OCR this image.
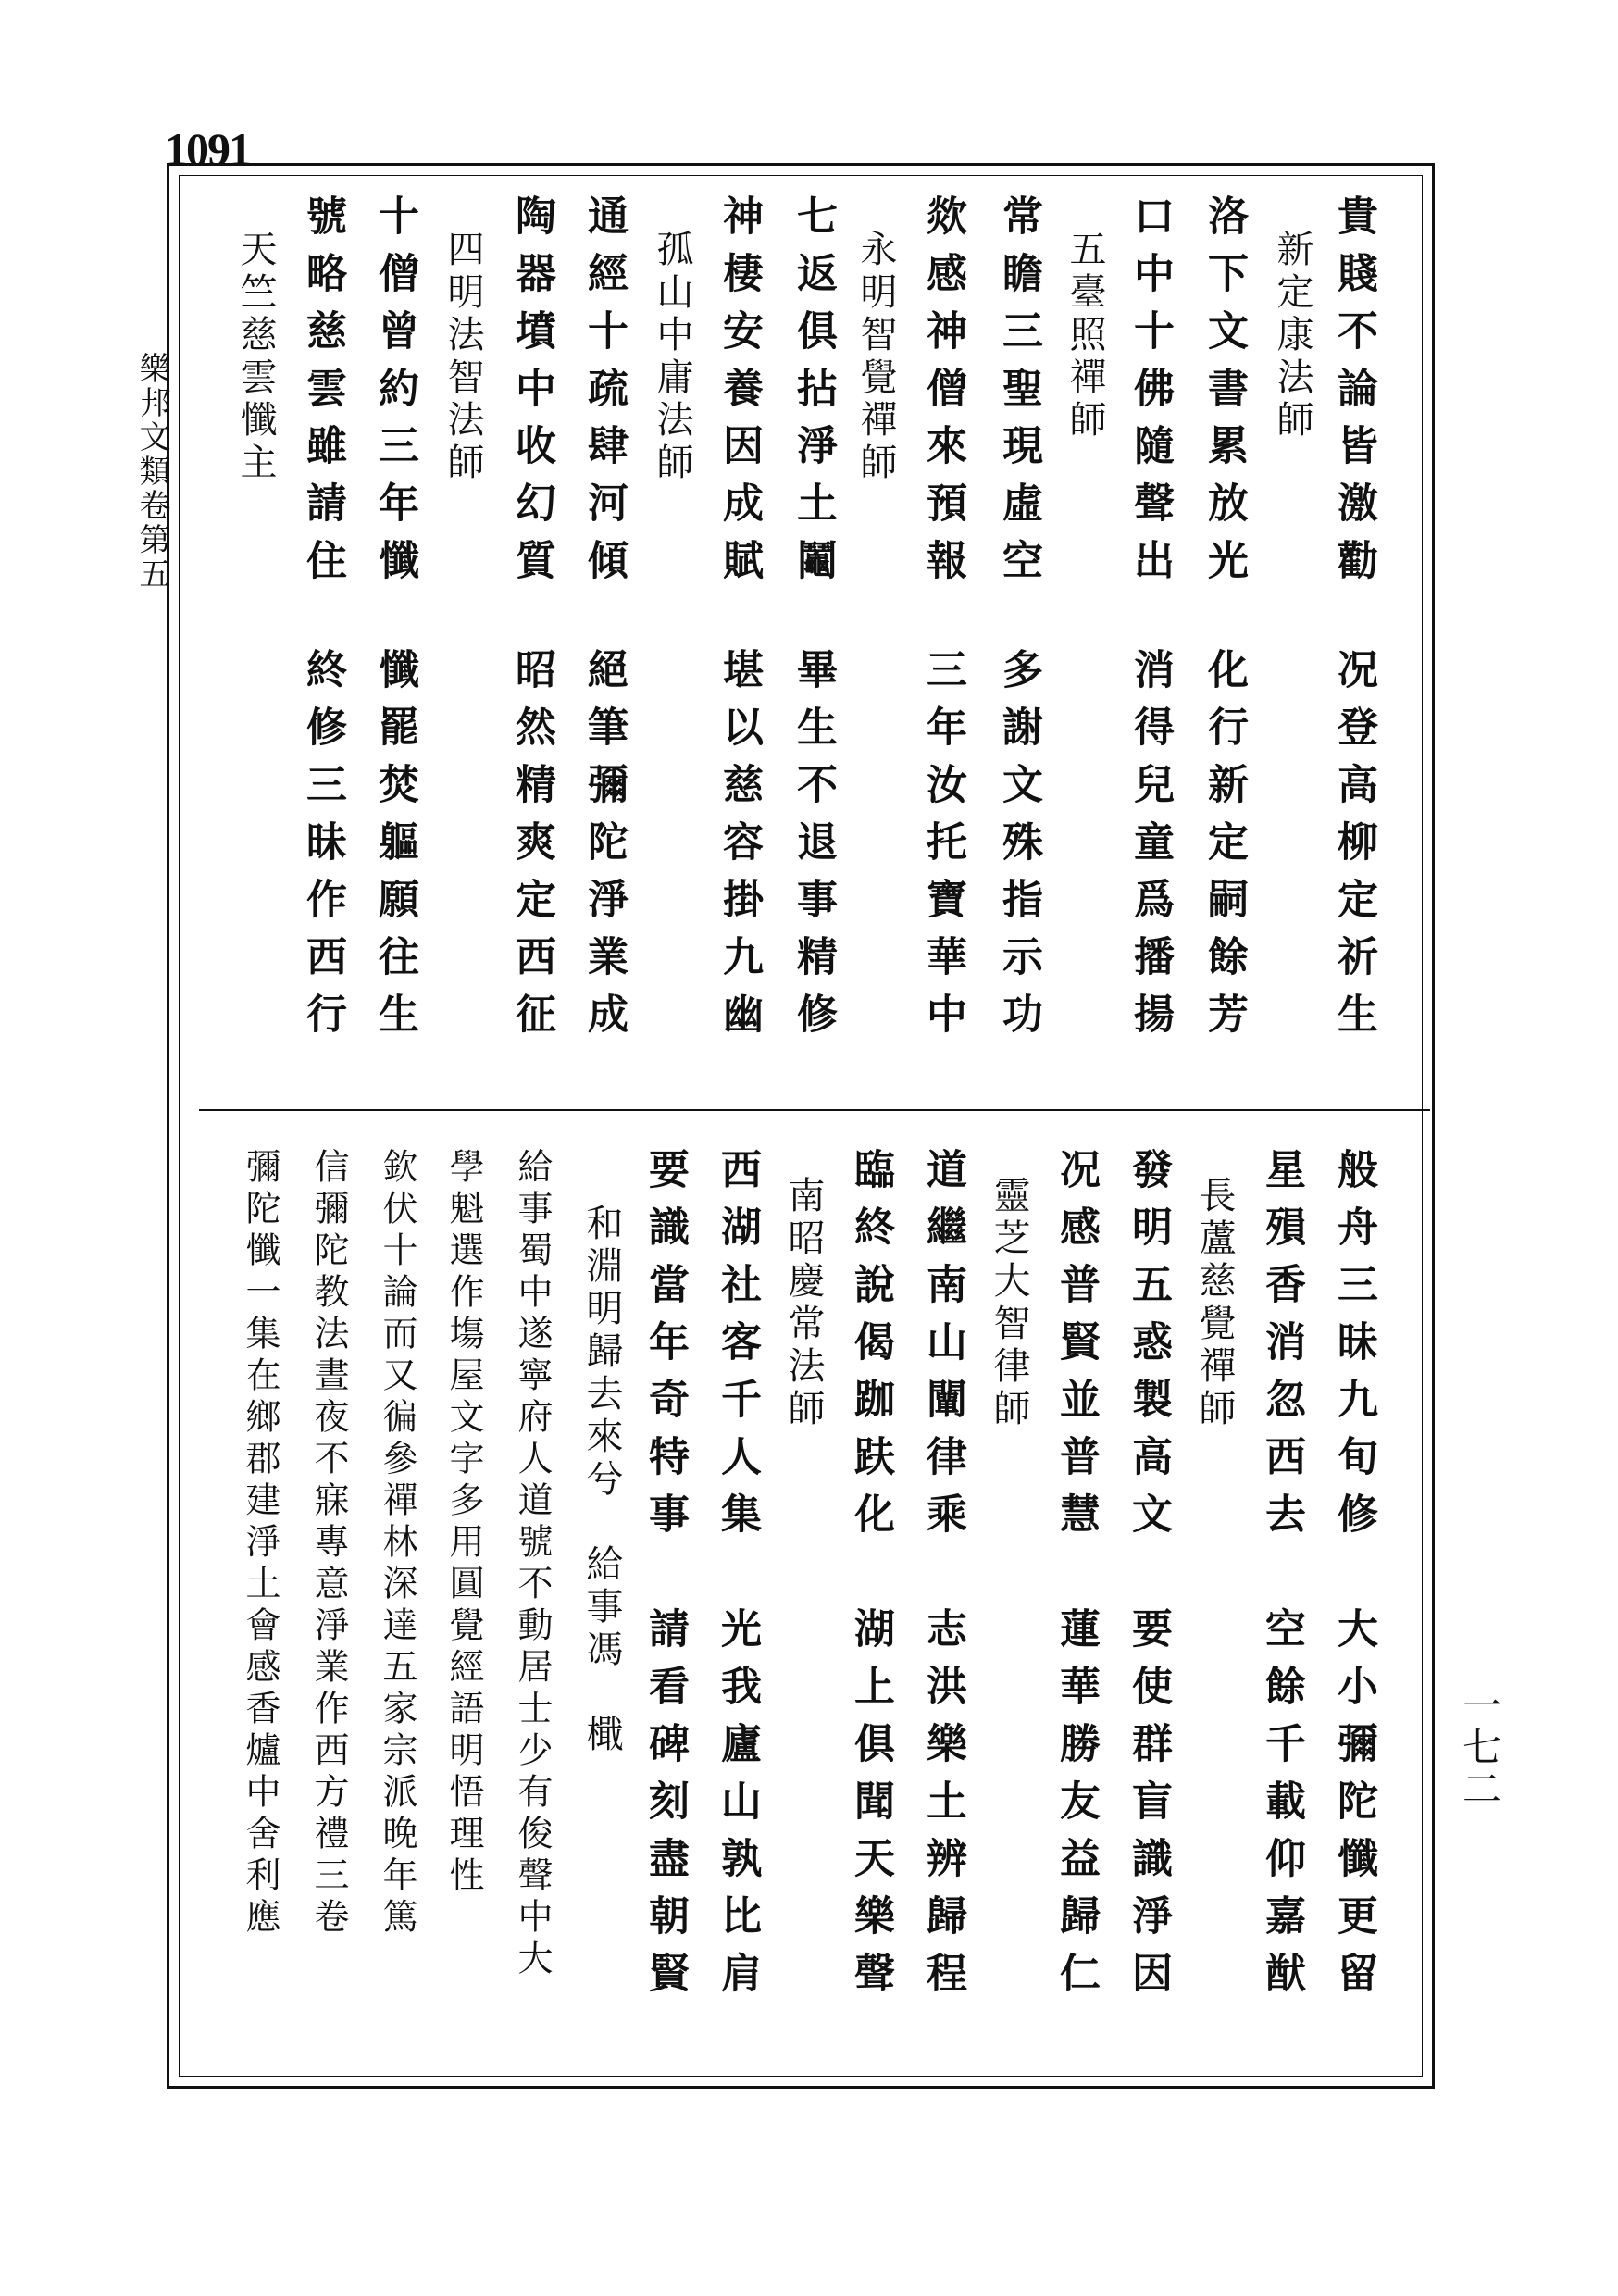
1091
樂邦文類卷第五
一七二
貴賤不論皆激勸
新定康法師
洛下文書累放光
口中十佛隨聲出
五臺照禪師
常瞻三聖現虛空
欻感神僧來預報
永明智覺禪師
七返俱拈淨土鬮
神棲安養因成賦
孤山中庸法師
通經十疏肆河傾
陶器墳中收幻質
四明法智法師
十僧曾約三年懺
號略慈雲雖請住
天竺慈雲懺主
况登高柳定祈生
化行新定嗣餘芳
消得兒童爲播揚
多謝文殊指示功
三年汝托寶華中
畢生不退事精修
堪以慈容掛九幽
絕筆彌陀淨業成
昭然精爽定西征
懺罷焚軀願往生
終修三昧作西行
般舟三昧九旬修　大小彌陀懺更留
星殞香消忽西去　空餘千載仰嘉猷
長蘆慈覺禪師
發明五惑製高文　要使群盲識淨因
况感普賢並普慧　蓮華勝友益歸仁
靈芝大智律師
道繼南山闡律乘　志洪樂土辨歸程
臨終說偈跏趺化　湖上俱聞天樂聲
南昭慶常法師
西湖社客千人集　光我廬山孰比肩
要識當年奇特事　請看碑刻盡朝賢
和淵明歸去來兮　給事馮　檝
給事蜀中遂寧府人道號不動居士少有俊聲中大
學魁選作塲屋文字多用圓覺經語明悟理性
欽伏十論而又徧參禪林深達五家宗派晚年篤
信彌陀教法晝夜不寐專意淨業作西方禮三卷
彌陀懺一集在鄉郡建淨土會感香爐中舍利應
